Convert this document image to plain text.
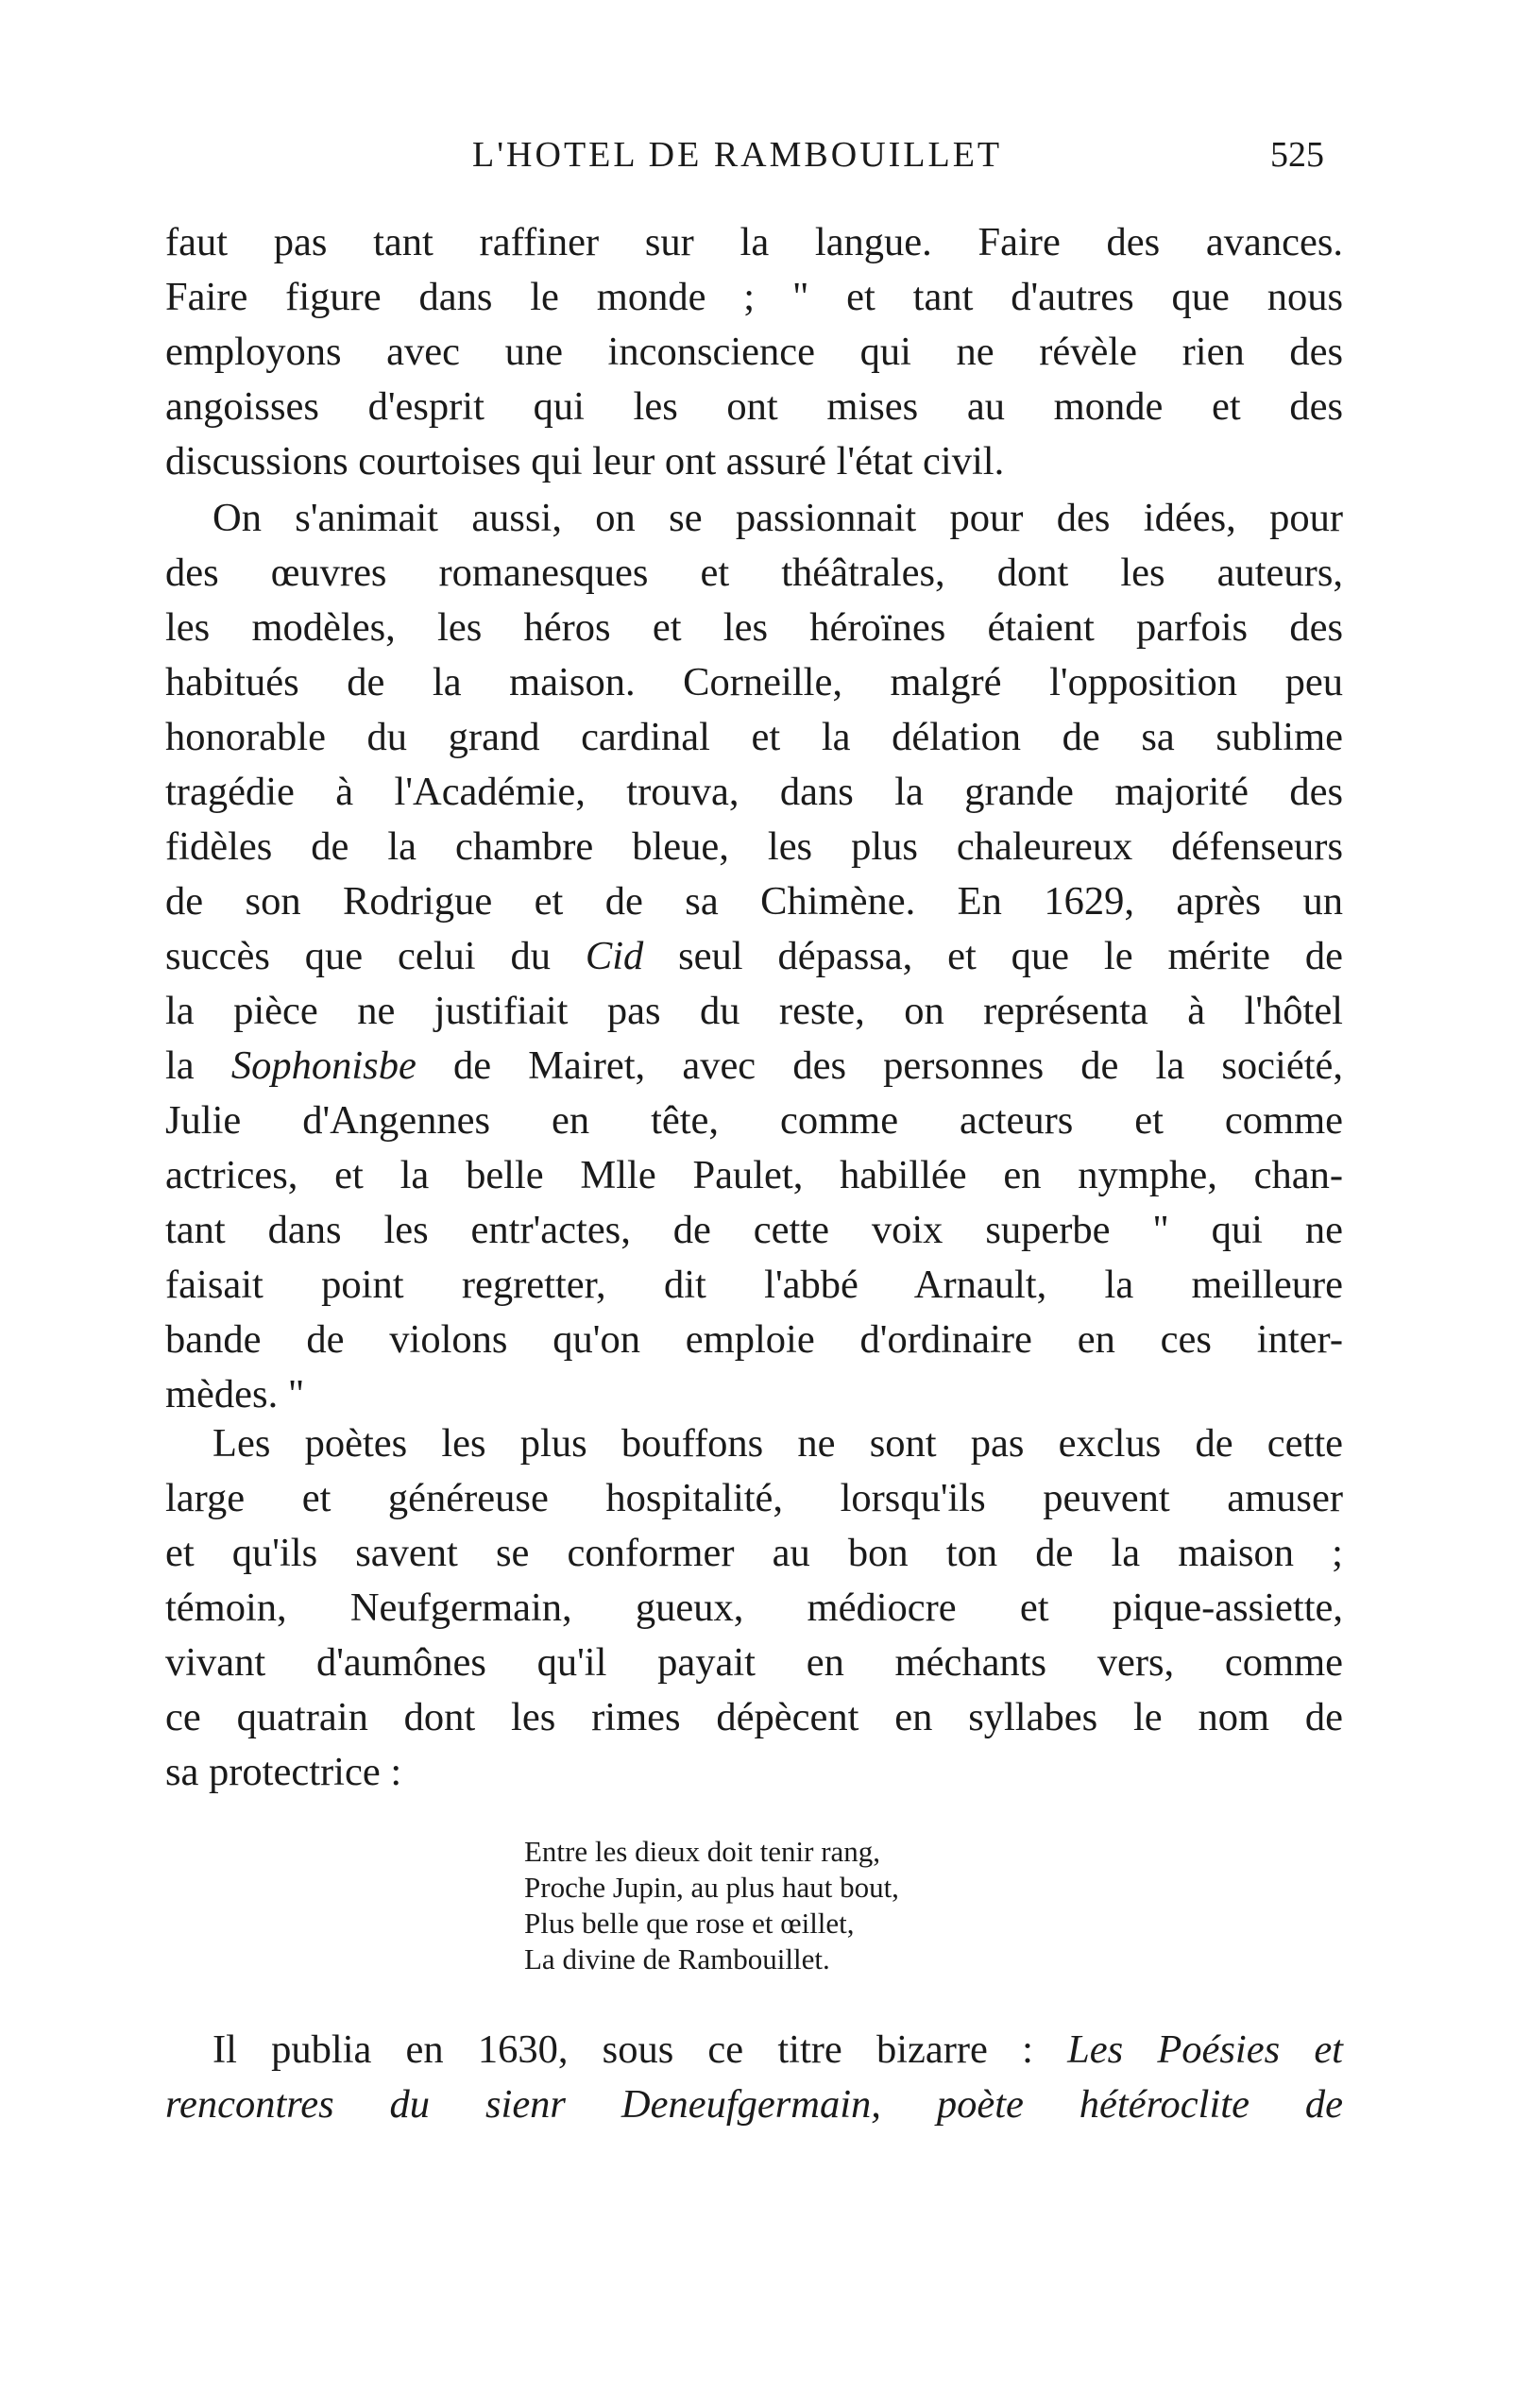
L'HOTEL DE RAMBOUILLET	525
faut pas tant raffiner sur la langue. Faire des avances.
Faire figure dans le monde ; " et tant d'autres que nous
employons avec une inconscience qui ne révèle rien des
angoisses d'esprit qui les ont mises au monde et des
discussions courtoises qui leur ont assuré l'état civil.
On s'animait aussi, on se passionnait pour des idées, pour
des œuvres romanesques et théâtrales, dont les auteurs,
les modèles, les héros et les héroïnes étaient parfois des
habitués de la maison. Corneille, malgré l'opposition peu
honorable du grand cardinal et la délation de sa sublime
tragédie à l'Académie, trouva, dans la grande majorité des
fidèles de la chambre bleue, les plus chaleureux défenseurs
de son Rodrigue et de sa Chimène. En 1629, après un
succès que celui du Cid seul dépassa, et que le mérite de
la pièce ne justifiait pas du reste, on représenta à l'hôtel
la Sophonisbe de Mairet, avec des personnes de la société,
Julie d'Angennes en tête, comme acteurs et comme
actrices, et la belle Mlle Paulet, habillée en nymphe, chan-
tant dans les entr'actes, de cette voix superbe " qui ne
faisait point regretter, dit l'abbé Arnault, la meilleure
bande de violons qu'on emploie d'ordinaire en ces inter-
mèdes. "
Les poètes les plus bouffons ne sont pas exclus de cette
large et généreuse hospitalité, lorsqu'ils peuvent amuser
et qu'ils savent se conformer au bon ton de la maison ;
témoin, Neufgermain, gueux, médiocre et pique-assiette,
vivant d'aumônes qu'il payait en méchants vers, comme
ce quatrain dont les rimes dépècent en syllabes le nom de
sa protectrice :
Entre les dieux doit tenir rang,
Proche Jupin, au plus haut bout,
Plus belle que rose et œillet,
La divine de Rambouillet.
Il publia en 1630, sous ce titre bizarre : Les Poésies et
rencontres du sienr Deneufgermain, poète hétéroclite de
